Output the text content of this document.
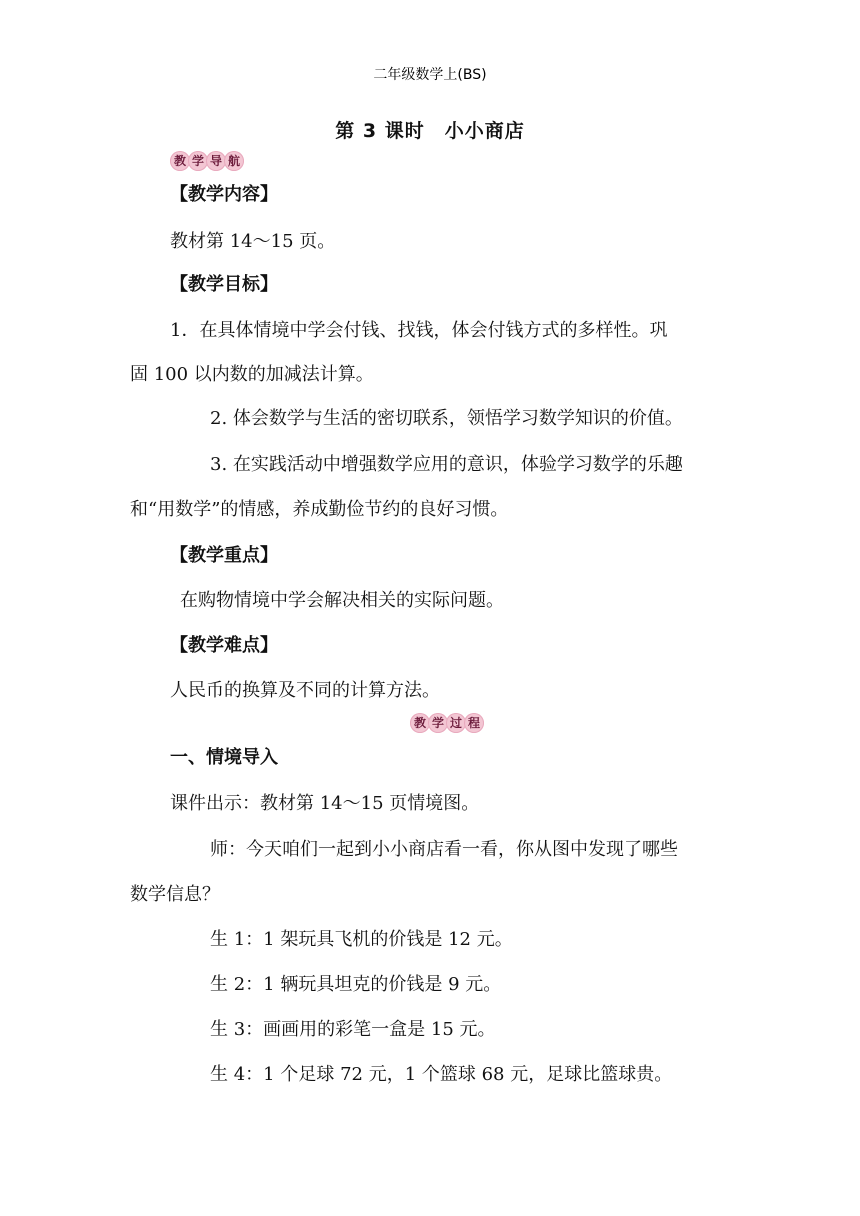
二年级数学上(BS)
第 3 课时　小小商店
教 学 导 航
【教学内容】
教材第 14～15 页。
【教学目标】
1．在具体情境中学会付钱、找钱，体会付钱方式的多样性。巩
固 100 以内数的加减法计算。
2. 体会数学与生活的密切联系，领悟学习数学知识的价值。
3. 在实践活动中增强数学应用的意识，体验学习数学的乐趣
和“用数学”的情感，养成勤俭节约的良好习惯。
【教学重点】
在购物情境中学会解决相关的实际问题。
【教学难点】
人民币的换算及不同的计算方法。
教 学 过 程
一、情境导入
课件出示：教材第 14～15 页情境图。
师：今天咱们一起到小小商店看一看，你从图中发现了哪些
数学信息？
生 1：1 架玩具飞机的价钱是 12 元。
生 2：1 辆玩具坦克的价钱是 9 元。
生 3：画画用的彩笔一盒是 15 元。
生 4：1 个足球 72 元，1 个篮球 68 元，足球比篮球贵。
